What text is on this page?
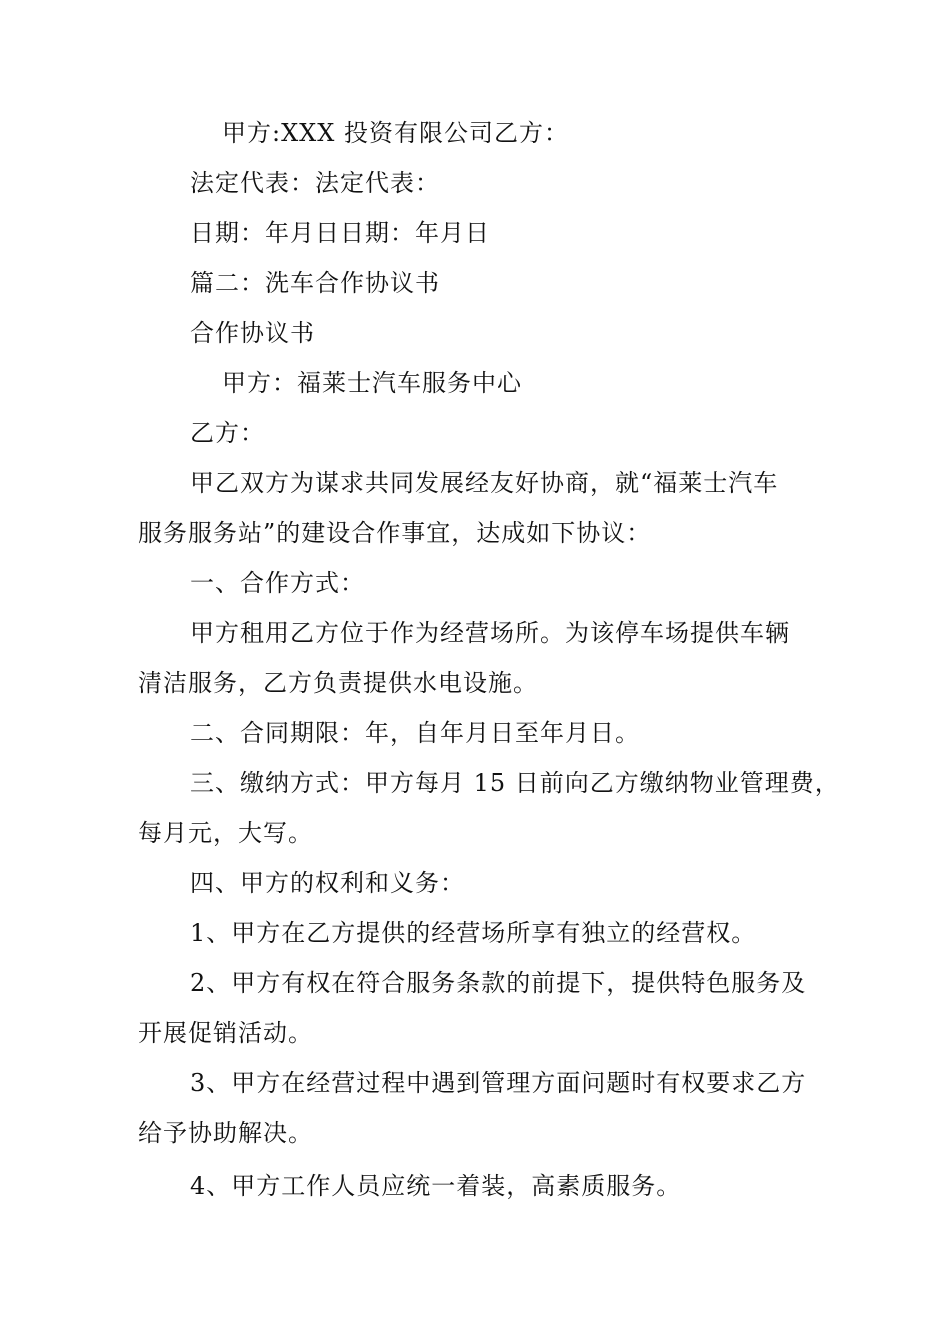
甲方:XXX 投资有限公司乙方：
法定代表：法定代表：
日期：年月日日期：年月日
篇二：洗车合作协议书
合作协议书
甲方：福莱士汽车服务中心
乙方：
甲乙双方为谋求共同发展经友好协商，就“福莱士汽车
服务服务站”的建设合作事宜，达成如下协议：
一、合作方式：
甲方租用乙方位于作为经营场所。为该停车场提供车辆
清洁服务，乙方负责提供水电设施。
二、合同期限：年，自年月日至年月日。
三、缴纳方式：甲方每月 15 日前向乙方缴纳物业管理费，
每月元，大写。
四、甲方的权利和义务：
1、甲方在乙方提供的经营场所享有独立的经营权。
2、甲方有权在符合服务条款的前提下，提供特色服务及
开展促销活动。
3、甲方在经营过程中遇到管理方面问题时有权要求乙方
给予协助解决。
4、甲方工作人员应统一着装，高素质服务。
